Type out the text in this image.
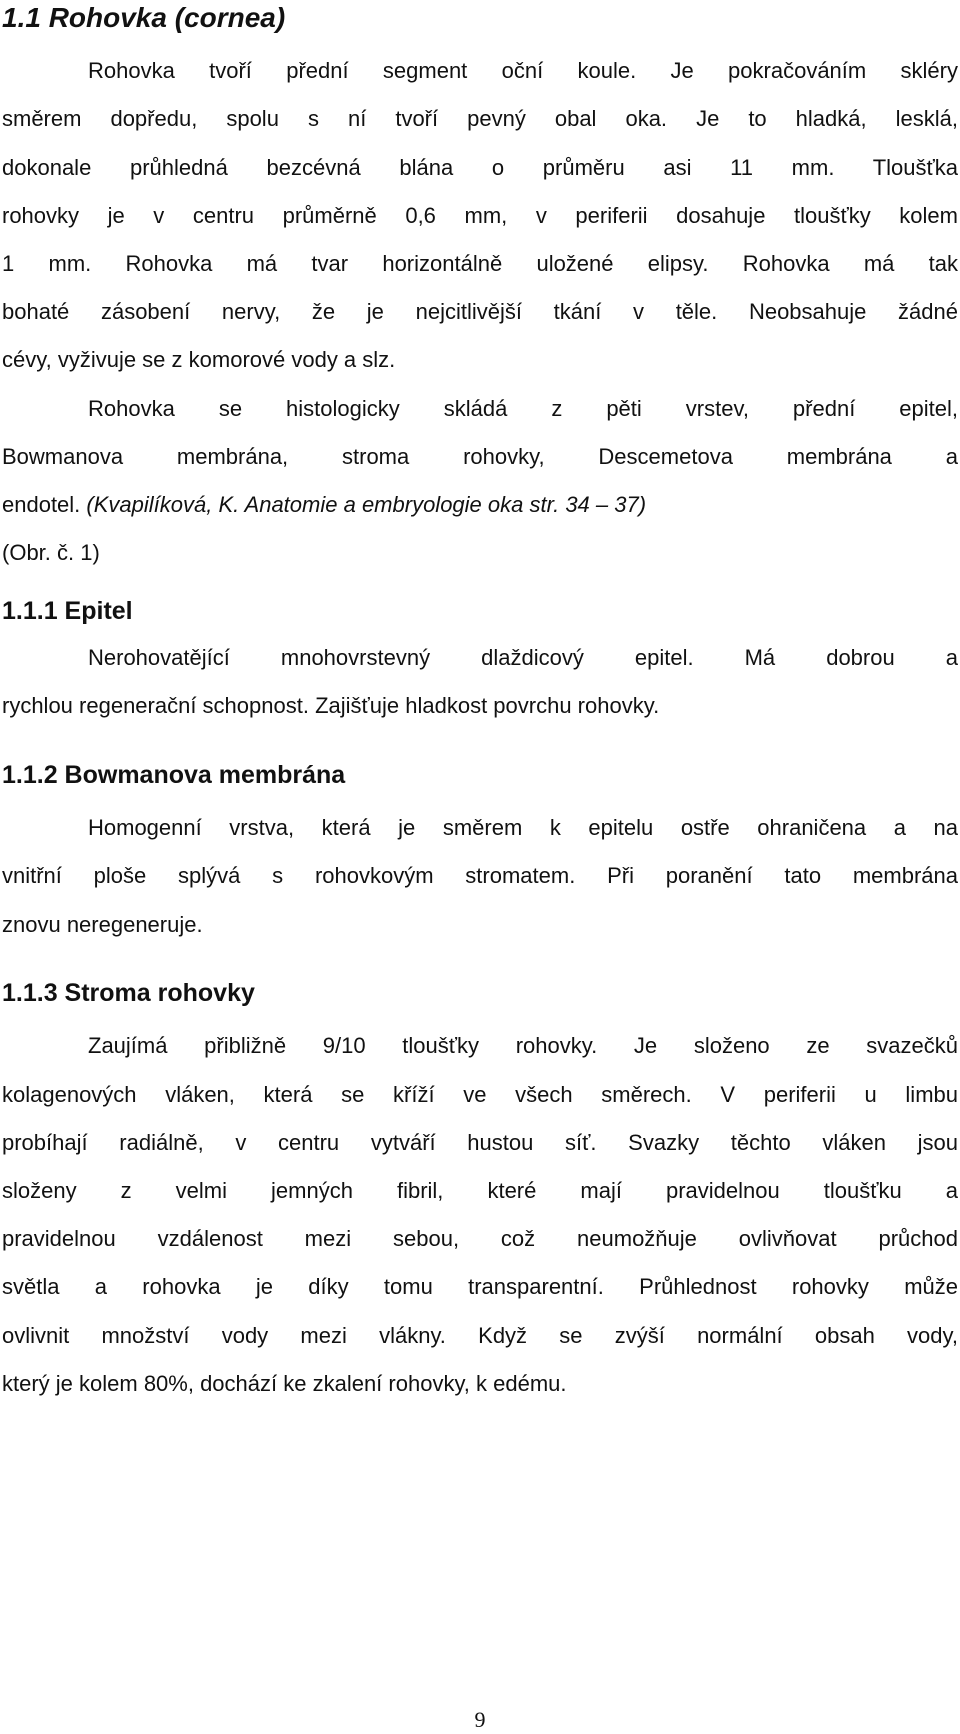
1.1 Rohovka (cornea)
Rohovka tvoří přední segment oční koule. Je pokračováním skléry
směrem dopředu, spolu s ní tvoří pevný obal oka. Je to hladká, lesklá,
dokonale průhledná bezcévná blána o průměru asi 11 mm. Tloušťka
rohovky je v centru průměrně 0,6 mm, v periferii dosahuje tloušťky kolem
1 mm. Rohovka má tvar horizontálně uložené elipsy. Rohovka má tak
bohaté zásobení nervy, že je nejcitlivější tkání v těle. Neobsahuje žádné
cévy, vyživuje se z komorové vody a slz.
Rohovka se histologicky skládá z pěti vrstev, přední epitel,
Bowmanova membrána, stroma rohovky, Descemetova membrána a
endotel. (Kvapilíková, K. Anatomie a embryologie oka str. 34 – 37)
(Obr. č. 1)
1.1.1 Epitel
Nerohovatějící mnohovrstevný dlaždicový epitel. Má dobrou a
rychlou regenerační schopnost. Zajišťuje hladkost povrchu rohovky.
1.1.2 Bowmanova membrána
Homogenní vrstva, která je směrem k epitelu ostře ohraničena a na
vnitřní ploše splývá s rohovkovým stromatem. Při poranění tato membrána
znovu neregeneruje.
1.1.3 Stroma rohovky
Zaujímá přibližně 9/10 tloušťky rohovky. Je složeno ze svazečků
kolagenových vláken, která se kříží ve všech směrech. V periferii u limbu
probíhají radiálně, v centru vytváří hustou síť. Svazky těchto vláken jsou
složeny z velmi jemných fibril, které mají pravidelnou tloušťku a
pravidelnou vzdálenost mezi sebou, což neumožňuje ovlivňovat průchod
světla a rohovka je díky tomu transparentní. Průhlednost rohovky může
ovlivnit množství vody mezi vlákny. Když se zvýší normální obsah vody,
který je kolem 80%, dochází ke zkalení rohovky, k edému.
9
